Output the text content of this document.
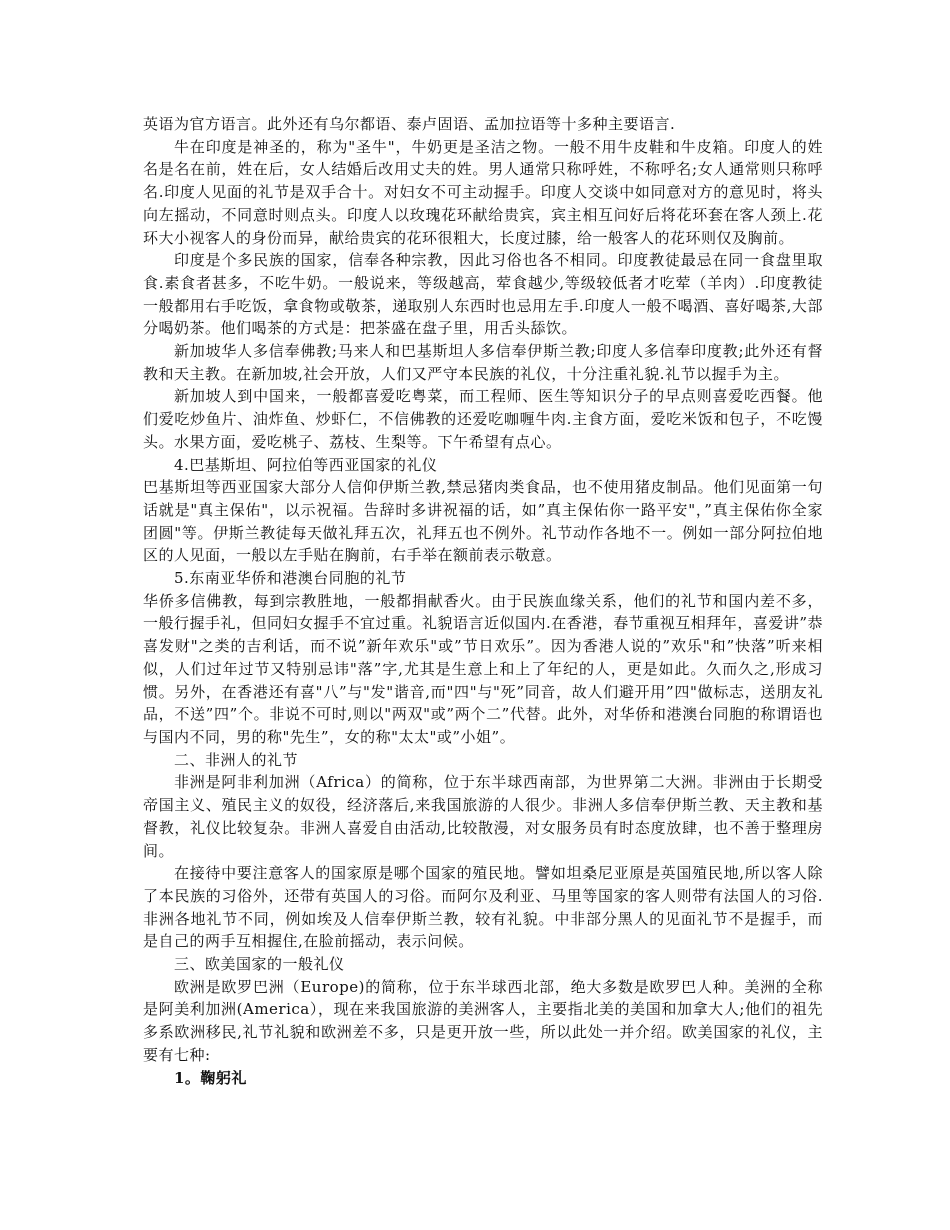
英语为官方语言。此外还有乌尔都语、泰卢固语、孟加拉语等十多种主要语言.

牛在印度是神圣的，称为"圣牛"，牛奶更是圣洁之物。一般不用牛皮鞋和牛皮箱。印度人的姓名是名在前，姓在后，女人结婚后改用丈夫的姓。男人通常只称呼姓，不称呼名;女人通常则只称呼名.印度人见面的礼节是双手合十。对妇女不可主动握手。印度人交谈中如同意对方的意见时，将头向左摇动，不同意时则点头。印度人以玫瑰花环献给贵宾，宾主相互问好后将花环套在客人颈上.花环大小视客人的身份而异，献给贵宾的花环很粗大，长度过膝，给一般客人的花环则仅及胸前。

印度是个多民族的国家，信奉各种宗教，因此习俗也各不相同。印度教徒最忌在同一食盘里取食.素食者甚多，不吃牛奶。一般说来，等级越高，荤食越少,等级较低者才吃荤（羊肉）.印度教徒一般都用右手吃饭，拿食物或敬茶，递取别人东西时也忌用左手.印度人一般不喝酒、喜好喝茶,大部分喝奶茶。他们喝茶的方式是：把茶盛在盘子里，用舌头舔饮。

新加坡华人多信奉佛教;马来人和巴基斯坦人多信奉伊斯兰教;印度人多信奉印度教;此外还有督教和天主教。在新加坡,社会开放，人们又严守本民族的礼仪，十分注重礼貌.礼节以握手为主。

新加坡人到中国来，一般都喜爱吃粤菜，而工程师、医生等知识分子的早点则喜爱吃西餐。他们爱吃炒鱼片、油炸鱼、炒虾仁，不信佛教的还爱吃咖喱牛肉.主食方面，爱吃米饭和包子，不吃馒头。水果方面，爱吃桃子、荔枝、生梨等。下午希望有点心。

4.巴基斯坦、阿拉伯等西亚国家的礼仪

巴基斯坦等西亚国家大部分人信仰伊斯兰教,禁忌猪肉类食品，也不使用猪皮制品。他们见面第一句话就是"真主保佑"，以示祝福。告辞时多讲祝福的话，如”真主保佑你一路平安"，”真主保佑你全家团圆"等。伊斯兰教徒每天做礼拜五次，礼拜五也不例外。礼节动作各地不一。例如一部分阿拉伯地区的人见面，一般以左手贴在胸前，右手举在额前表示敬意。

5.东南亚华侨和港澳台同胞的礼节

华侨多信佛教，每到宗教胜地，一般都捐献香火。由于民族血缘关系，他们的礼节和国内差不多，一般行握手礼，但同妇女握手不宜过重。礼貌语言近似国内.在香港，春节重视互相拜年，喜爱讲”恭喜发财"之类的吉利话，而不说”新年欢乐"或”节日欢乐”。因为香港人说的”欢乐"和”快落”听来相似，人们过年过节又特别忌讳"落”字,尤其是生意上和上了年纪的人，更是如此。久而久之,形成习惯。另外，在香港还有喜"八”与"发"谐音,而"四"与"死”同音，故人们避开用”四"做标志，送朋友礼品，不送”四”个。非说不可时,则以"两双"或”两个二”代替。此外，对华侨和港澳台同胞的称谓语也与国内不同，男的称"先生”，女的称"太太"或”小姐”。

二、非洲人的礼节

非洲是阿非利加洲（Africa）的简称，位于东半球西南部，为世界第二大洲。非洲由于长期受帝国主义、殖民主义的奴役，经济落后,来我国旅游的人很少。非洲人多信奉伊斯兰教、天主教和基督教，礼仪比较复杂。非洲人喜爱自由活动,比较散漫，对女服务员有时态度放肆，也不善于整理房间。

在接待中要注意客人的国家原是哪个国家的殖民地。譬如坦桑尼亚原是英国殖民地,所以客人除了本民族的习俗外，还带有英国人的习俗。而阿尔及利亚、马里等国家的客人则带有法国人的习俗.非洲各地礼节不同，例如埃及人信奉伊斯兰教，较有礼貌。中非部分黑人的见面礼节不是握手，而是自己的两手互相握住,在脸前摇动，表示问候。

三、欧美国家的一般礼仪

欧洲是欧罗巴洲（Europe)的简称，位于东半球西北部，绝大多数是欧罗巴人种。美洲的全称是阿美利加洲(America），现在来我国旅游的美洲客人，主要指北美的美国和加拿大人;他们的祖先多系欧洲移民,礼节礼貌和欧洲差不多，只是更开放一些，所以此处一并介绍。欧美国家的礼仪，主要有七种:

1。鞠躬礼
